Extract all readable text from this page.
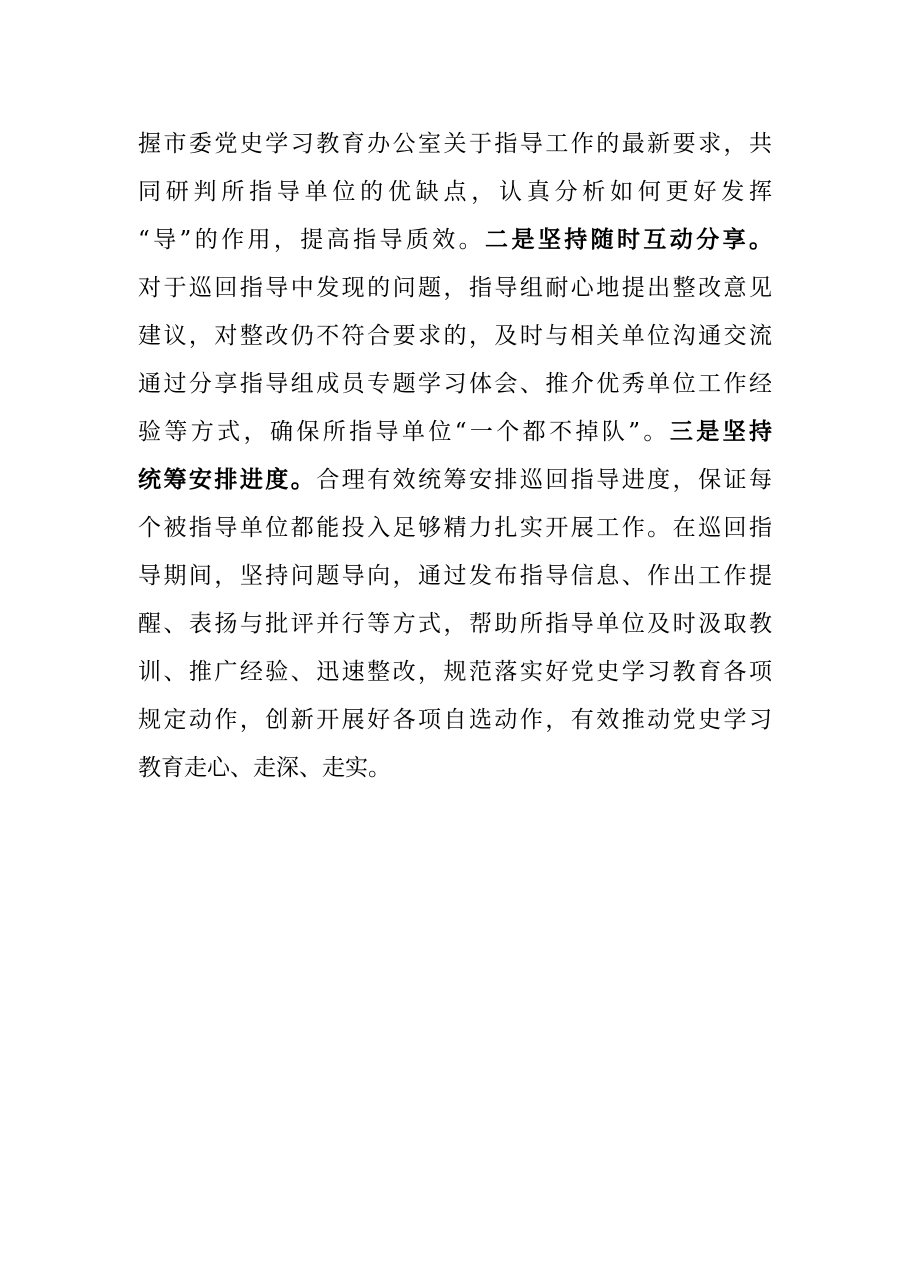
握市委党史学习教育办公室关于指导工作的最新要求，共
同研判所指导单位的优缺点，认真分析如何更好发挥
“导”的作用，提高指导质效。二是坚持随时互动分享。
对于巡回指导中发现的问题，指导组耐心地提出整改意见
建议，对整改仍不符合要求的，及时与相关单位沟通交流
通过分享指导组成员专题学习体会、推介优秀单位工作经
验等方式，确保所指导单位“一个都不掉队”。三是坚持
统筹安排进度。合理有效统筹安排巡回指导进度，保证每
个被指导单位都能投入足够精力扎实开展工作。在巡回指
导期间，坚持问题导向，通过发布指导信息、作出工作提
醒、表扬与批评并行等方式，帮助所指导单位及时汲取教
训、推广经验、迅速整改，规范落实好党史学习教育各项
规定动作，创新开展好各项自选动作，有效推动党史学习
教育走心、走深、走实。
